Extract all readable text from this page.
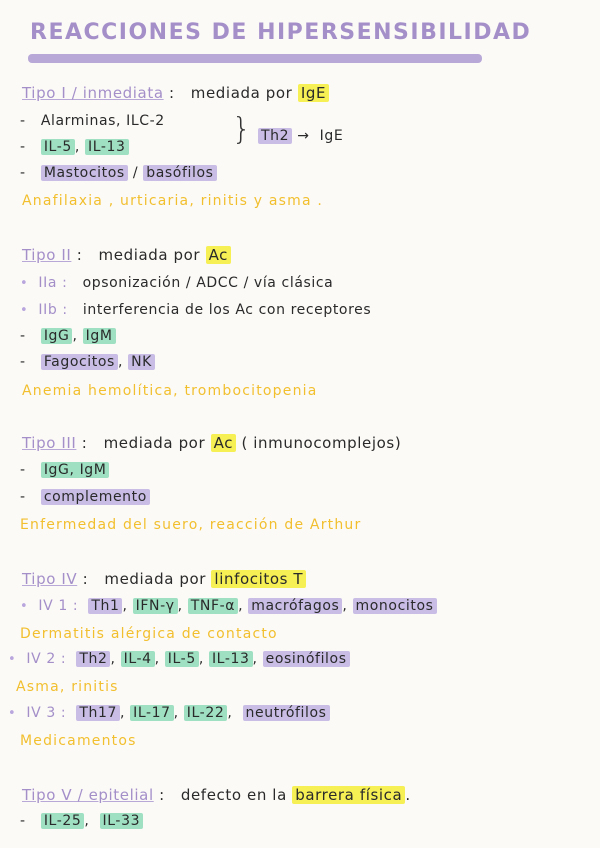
REACCIONES DE HIPERSENSIBILIDAD
Tipo I / inmediata : mediada por IgE
- Alarminas, ILC-2
- IL-5 , IL-13	} Th2 → IgE
- Mastocitos / basófilos
Anafilaxia , urticaria, rinitis y asma .
Tipo II : mediada por Ac
• IIa : opsonización / ADCC / vía clásica
• IIb : interferencia de los Ac con receptores
- IgG , IgM
- Fagocitos , NK
Anemia hemolítica, trombocitopenia
Tipo III : mediada por Ac ( inmunocomplejos)
- IgG, IgM
- complemento
Enfermedad del suero, reacción de Arthur
Tipo IV : mediada por linfocitos T
• IV 1 : Th1 , IFN-γ , TNF-α , macrófagos , monocitos
Dermatitis alérgica de contacto
• IV 2 : Th2 , IL-4 , IL-5 , IL-13 , eosinófilos
Asma, rinitis
• IV 3 : Th17 , IL-17 , IL-22 , neutrófilos
Medicamentos
Tipo V / epitelial : defecto en la barrera física .
- IL-25 , IL-33
